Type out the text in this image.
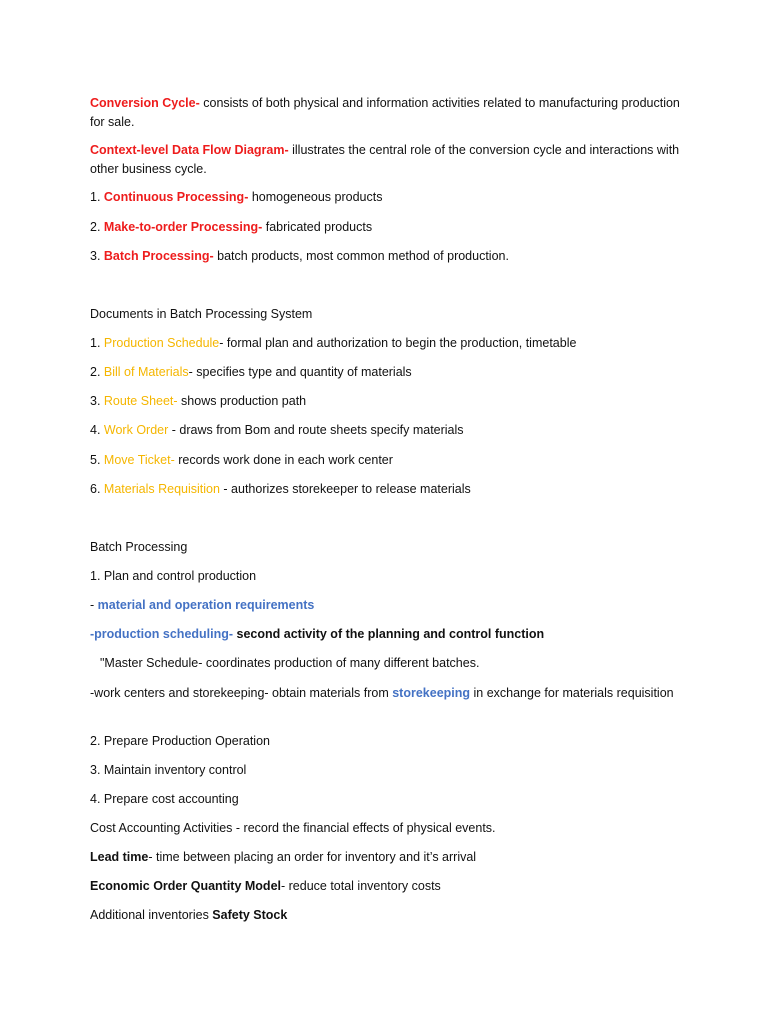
Conversion Cycle- consists of both physical and information activities related to manufacturing production for sale.

Context-level Data Flow Diagram- illustrates the central role of the conversion cycle and interactions with other business cycle.

1. Continuous Processing- homogeneous products

2. Make-to-order Processing- fabricated products

3. Batch Processing- batch products, most common method of production.

Documents in Batch Processing System

1. Production Schedule- formal plan and authorization to begin the production, timetable

2. Bill of Materials- specifies type and quantity of materials

3. Route Sheet- shows production path

4. Work Order - draws from Bom and route sheets specify materials

5. Move Ticket- records work done in each work center

6. Materials Requisition - authorizes storekeeper to release materials

Batch Processing

1. Plan and control production

- material and operation requirements

-production scheduling- second activity of the planning and control function

"Master Schedule- coordinates production of many different batches.

-work centers and storekeeping- obtain materials from storekeeping in exchange for materials requisition

2. Prepare Production Operation

3. Maintain inventory control

4. Prepare cost accounting

Cost Accounting Activities - record the financial effects of physical events.

Lead time- time between placing an order for inventory and it’s arrival

Economic Order Quantity Model- reduce total inventory costs

Additional inventories Safety Stock
